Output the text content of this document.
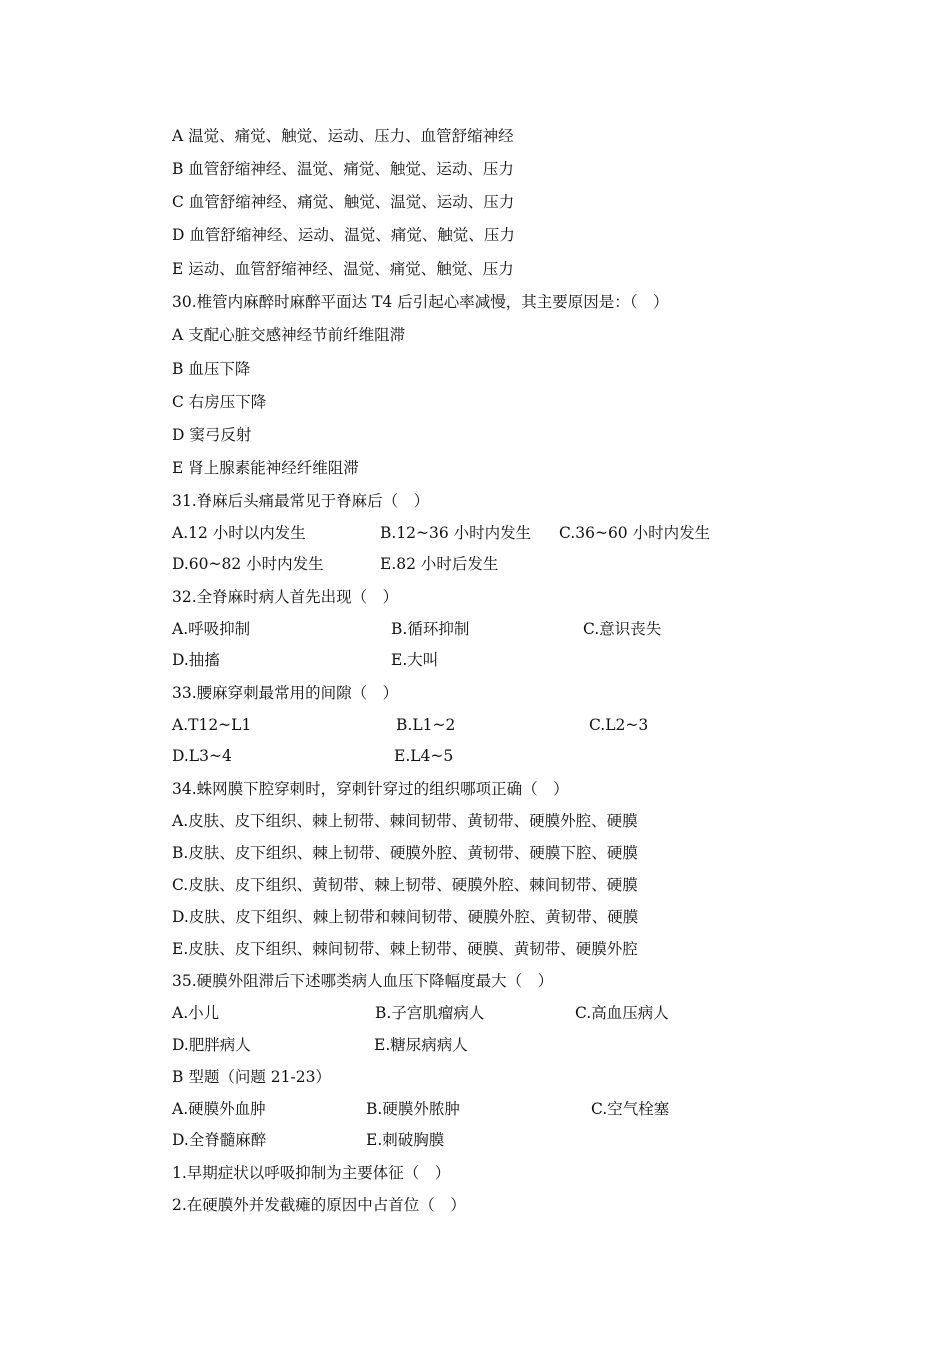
A 温觉、痛觉、触觉、运动、压力、血管舒缩神经
B 血管舒缩神经、温觉、痛觉、触觉、运动、压力
C 血管舒缩神经、痛觉、触觉、温觉、运动、压力
D 血管舒缩神经、运动、温觉、痛觉、触觉、压力
E 运动、血管舒缩神经、温觉、痛觉、触觉、压力
30.椎管内麻醉时麻醉平面达 T4 后引起心率减慢，其主要原因是：（　）
A 支配心脏交感神经节前纤维阻滞
B 血压下降
C 右房压下降
D 窦弓反射
E 肾上腺素能神经纤维阻滞
31.脊麻后头痛最常见于脊麻后（　）
A.12 小时以内发生	B.12~36 小时内发生 C.36~60 小时内发生
D.60~82 小时内发生	E.82 小时后发生
32.全脊麻时病人首先出现（　）
A.呼吸抑制	B.循环抑制	C.意识丧失
D.抽搐	E.大叫
33.腰麻穿刺最常用的间隙（　）
A.T12~L1	B.L1~2	C.L2~3
D.L3~4	E.L4~5
34.蛛网膜下腔穿刺时，穿刺针穿过的组织哪项正确（　）
A.皮肤、皮下组织、棘上韧带、棘间韧带、黄韧带、硬膜外腔、硬膜
B.皮肤、皮下组织、棘上韧带、硬膜外腔、黄韧带、硬膜下腔、硬膜
C.皮肤、皮下组织、黄韧带、棘上韧带、硬膜外腔、棘间韧带、硬膜
D.皮肤、皮下组织、棘上韧带和棘间韧带、硬膜外腔、黄韧带、硬膜
E.皮肤、皮下组织、棘间韧带、棘上韧带、硬膜、黄韧带、硬膜外腔
35.硬膜外阻滞后下述哪类病人血压下降幅度最大（　）
A.小儿	B.子宫肌瘤病人	C.高血压病人
D.肥胖病人	E.糖尿病病人
B 型题（问题 21-23）
A.硬膜外血肿	B.硬膜外脓肿	C.空气栓塞
D.全脊髓麻醉	E.刺破胸膜
1.早期症状以呼吸抑制为主要体征（　）
2.在硬膜外并发截瘫的原因中占首位（　）
